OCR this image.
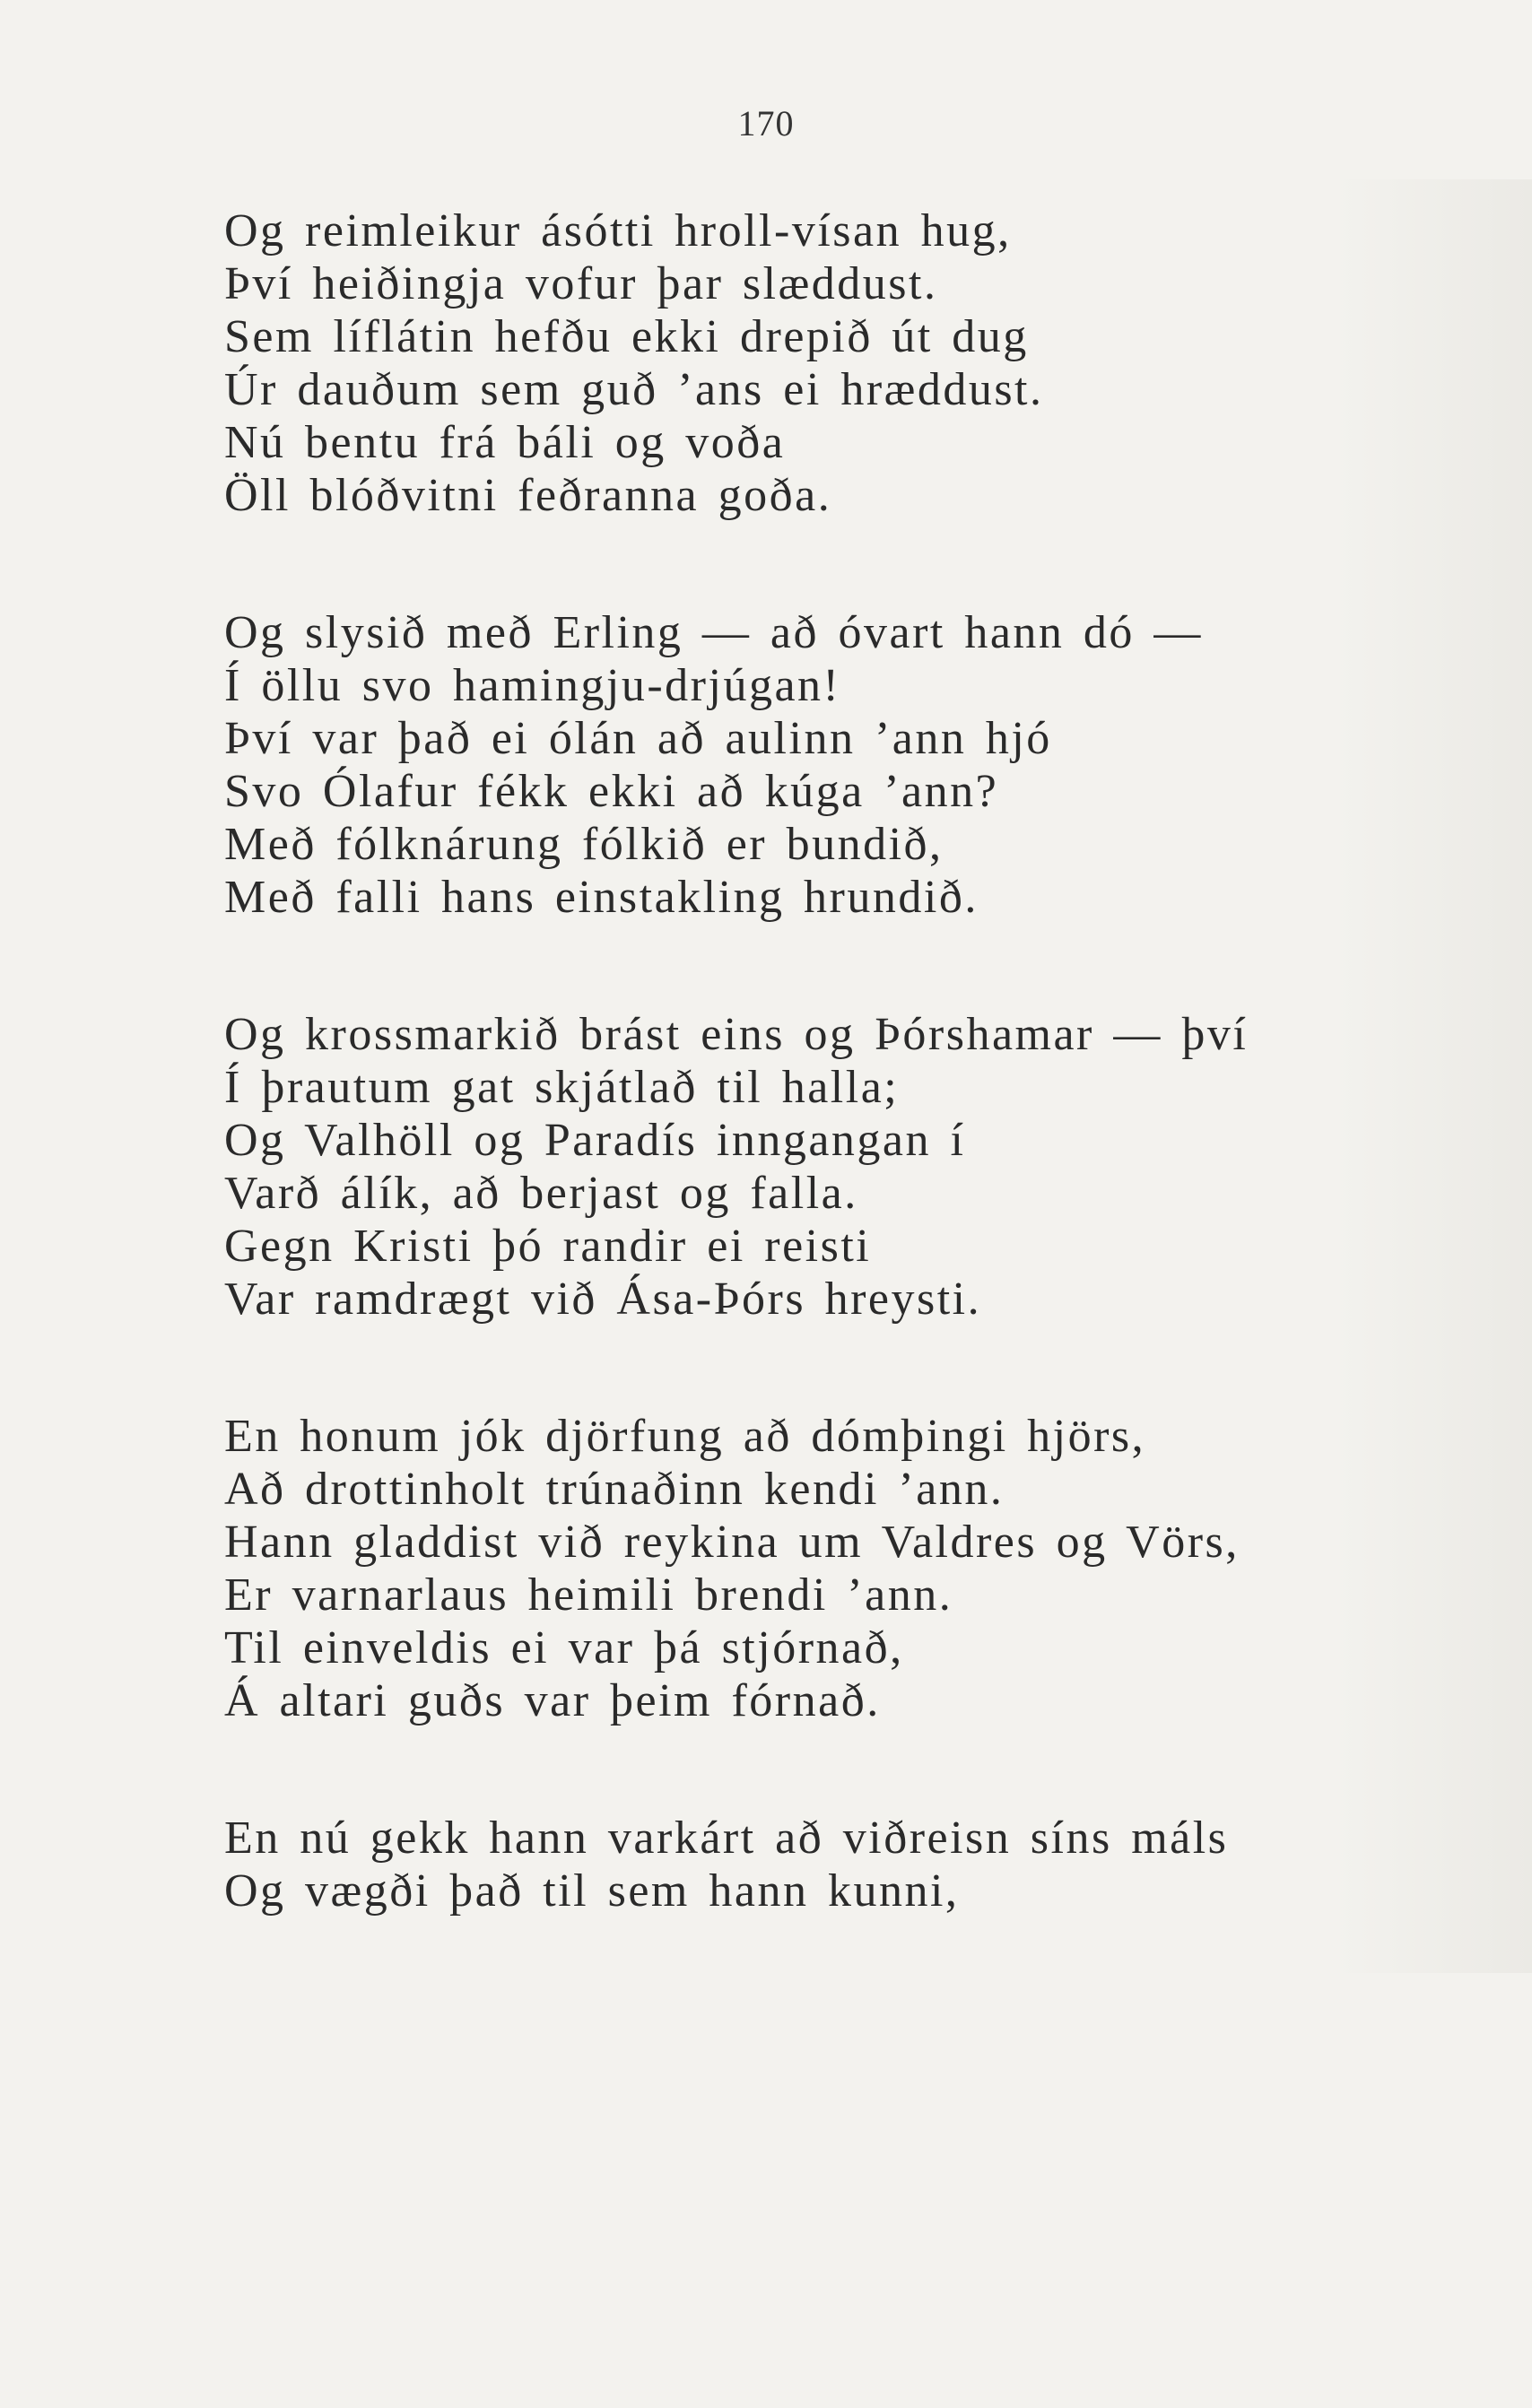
170
Og reimleikur ásótti hroll-vísan hug,
Því heiðingja vofur þar slæddust.
Sem líflátin hefðu ekki drepið út dug
Úr dauðum sem guð ’ans ei hræddust.
Nú bentu frá báli og voða
Öll blóðvitni feðranna goða.
Og slysið með Erling — að óvart hann dó —
Í öllu svo hamingju-drjúgan!
Því var það ei ólán að aulinn ’ann hjó
Svo Ólafur fékk ekki að kúga ’ann?
Með fólknárung fólkið er bundið,
Með falli hans einstakling hrundið.
Og krossmarkið brást eins og Þórshamar — því
Í þrautum gat skjátlað til halla;
Og Valhöll og Paradís inngangan í
Varð álík, að berjast og falla.
Gegn Kristi þó randir ei reisti
Var ramdrægt við Ása-Þórs hreysti.
En honum jók djörfung að dómþingi hjörs,
Að drottinholt trúnaðinn kendi ’ann.
Hann gladdist við reykina um Valdres og Vörs,
Er varnarlaus heimili brendi ’ann.
Til einveldis ei var þá stjórnað,
Á altari guðs var þeim fórnað.
En nú gekk hann varkárt að viðreisn síns máls
Og vægði það til sem hann kunni,
